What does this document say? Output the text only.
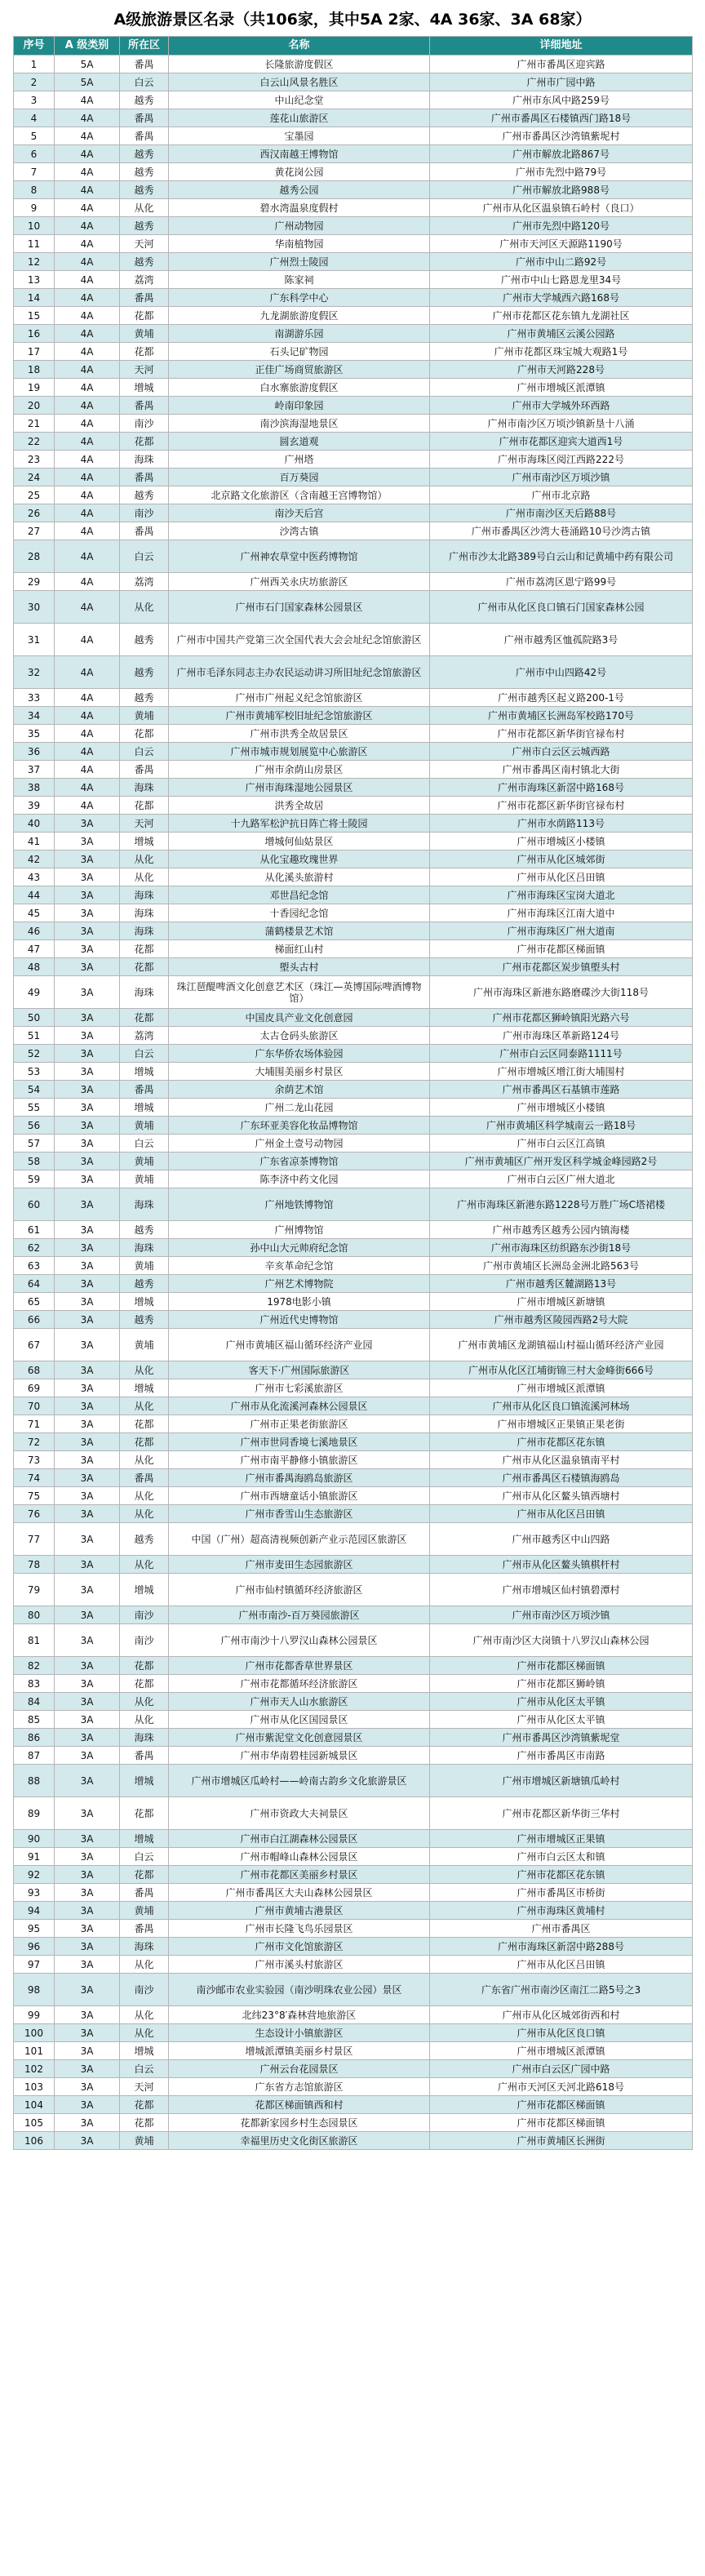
A级旅游景区名录（共106家，其中5A 2家、4A 36家、3A 68家）
序号	A 级类别	所在区	名称	详细地址
1	5A	番禺	长隆旅游度假区	广州市番禺区迎宾路
2	5A	白云	白云山风景名胜区	广州市广园中路
3	4A	越秀	中山纪念堂	广州市东风中路259号
4	4A	番禺	莲花山旅游区	广州市番禺区石楼镇西门路18号
5	4A	番禺	宝墨园	广州市番禺区沙湾镇紫坭村
6	4A	越秀	西汉南越王博物馆	广州市解放北路867号
7	4A	越秀	黄花岗公园	广州市先烈中路79号
8	4A	越秀	越秀公园	广州市解放北路988号
9	4A	从化	碧水湾温泉度假村	广州市从化区温泉镇石岭村（良口）
10	4A	越秀	广州动物园	广州市先烈中路120号
11	4A	天河	华南植物园	广州市天河区天源路1190号
12	4A	越秀	广州烈士陵园	广州市中山二路92号
13	4A	荔湾	陈家祠	广州市中山七路恩龙里34号
14	4A	番禺	广东科学中心	广州市大学城西六路168号
15	4A	花都	九龙湖旅游度假区	广州市花都区花东镇九龙湖社区
16	4A	黄埔	南湖游乐园	广州市黄埔区云溪公园路
17	4A	花都	石头记矿物园	广州市花都区珠宝城大观路1号
18	4A	天河	正佳广场商贸旅游区	广州市天河路228号
19	4A	增城	白水寨旅游度假区	广州市增城区派潭镇
20	4A	番禺	岭南印象园	广州市大学城外环西路
21	4A	南沙	南沙滨海湿地景区	广州市南沙区万顷沙镇新垦十八涌
22	4A	花都	圆玄道观	广州市花都区迎宾大道西1号
23	4A	海珠	广州塔	广州市海珠区阅江西路222号
24	4A	番禺	百万葵园	广州市南沙区万顷沙镇
25	4A	越秀	北京路文化旅游区（含南越王宫博物馆）	广州市北京路
26	4A	南沙	南沙天后宫	广州市南沙区天后路88号
27	4A	番禺	沙湾古镇	广州市番禺区沙湾大巷涌路10号沙湾古镇
28	4A	白云	广州神农草堂中医药博物馆	广州市沙太北路389号白云山和记黄埔中药有限公司
29	4A	荔湾	广州西关永庆坊旅游区	广州市荔湾区恩宁路99号
30	4A	从化	广州市石门国家森林公园景区	广州市从化区良口镇石门国家森林公园
31	4A	越秀	广州市中国共产党第三次全国代表大会会址纪念馆旅游区	广州市越秀区恤孤院路3号
32	4A	越秀	广州市毛泽东同志主办农民运动讲习所旧址纪念馆旅游区	广州市中山四路42号
33	4A	越秀	广州市广州起义纪念馆旅游区	广州市越秀区起义路200-1号
34	4A	黄埔	广州市黄埔军校旧址纪念馆旅游区	广州市黄埔区长洲岛军校路170号
35	4A	花都	广州市洪秀全故居景区	广州市花都区新华街官禄布村
36	4A	白云	广州市城市规划展览中心旅游区	广州市白云区云城西路
37	4A	番禺	广州市余荫山房景区	广州市番禺区南村镇北大街
38	4A	海珠	广州市海珠湿地公园景区	广州市海珠区新滘中路168号
39	4A	花都	洪秀全故居	广州市花都区新华街官禄布村
40	3A	天河	十九路军松沪抗日阵亡将士陵园	广州市水荫路113号
41	3A	增城	增城何仙姑景区	广州市增城区小楼镇
42	3A	从化	从化宝趣玫瑰世界	广州市从化区城郊街
43	3A	从化	从化溪头旅游村	广州市从化区吕田镇
44	3A	海珠	邓世昌纪念馆	广州市海珠区宝岗大道北
45	3A	海珠	十香园纪念馆	广州市海珠区江南大道中
46	3A	海珠	蒲鹤楼景艺术馆	广州市海珠区广州大道南
47	3A	花都	梯面红山村	广州市花都区梯面镇
48	3A	花都	塱头古村	广州市花都区炭步镇塱头村
49	3A	海珠	珠江琶醍啤酒文化创意艺术区（珠江—英博国际啤酒博物馆）	广州市海珠区新港东路磨碟沙大街118号
50	3A	花都	中国皮具产业文化创意园	广州市花都区狮岭镇阳光路六号
51	3A	荔湾	太古仓码头旅游区	广州市海珠区革新路124号
52	3A	白云	广东华侨农场体验园	广州市白云区同泰路1111号
53	3A	增城	大埔围美丽乡村景区	广州市增城区增江街大埔围村
54	3A	番禺	余荫艺术馆	广州市番禺区石基镇市莲路
55	3A	增城	广州二龙山花园	广州市增城区小楼镇
56	3A	黄埔	广东环亚美容化妆品博物馆	广州市黄埔区科学城南云一路18号
57	3A	白云	广州金土壹号动物园	广州市白云区江高镇
58	3A	黄埔	广东省凉茶博物馆	广州市黄埔区广州开发区科学城金峰园路2号
59	3A	黄埔	陈李济中药文化园	广州市白云区广州大道北
60	3A	海珠	广州地铁博物馆	广州市海珠区新港东路1228号万胜广场C塔裙楼
61	3A	越秀	广州博物馆	广州市越秀区越秀公园内镇海楼
62	3A	海珠	孙中山大元帅府纪念馆	广州市海珠区纺织路东沙街18号
63	3A	黄埔	辛亥革命纪念馆	广州市黄埔区长洲岛金洲北路563号
64	3A	越秀	广州艺术博物院	广州市越秀区麓湖路13号
65	3A	增城	1978电影小镇	广州市增城区新塘镇
66	3A	越秀	广州近代史博物馆	广州市越秀区陵园西路2号大院
67	3A	黄埔	广州市黄埔区福山循环经济产业园	广州市黄埔区龙湖镇福山村福山循环经济产业园
68	3A	从化	客天下·广州国际旅游区	广州市从化区江埔街锦三村大金峰街666号
69	3A	增城	广州市七彩溪旅游区	广州市增城区派潭镇
70	3A	从化	广州市从化流溪河森林公园景区	广州市从化区良口镇流溪河林场
71	3A	花都	广州市正果老街旅游区	广州市增城区正果镇正果老街
72	3A	花都	广州市世同香境七溪地景区	广州市花都区花东镇
73	3A	从化	广州市南平静修小镇旅游区	广州市从化区温泉镇南平村
74	3A	番禺	广州市番禺海鸥岛旅游区	广州市番禺区石楼镇海鸥岛
75	3A	从化	广州市西塘童话小镇旅游区	广州市从化区鳌头镇西塘村
76	3A	从化	广州市香雪山生态旅游区	广州市从化区吕田镇
77	3A	越秀	中国（广州）超高清视频创新产业示范园区旅游区	广州市越秀区中山四路
78	3A	从化	广州市麦田生态园旅游区	广州市从化区鳌头镇棋杆村
79	3A	增城	广州市仙村镇循环经济旅游区	广州市增城区仙村镇碧潭村
80	3A	南沙	广州市南沙-百万葵园旅游区	广州市南沙区万顷沙镇
81	3A	南沙	广州市南沙十八罗汉山森林公园景区	广州市南沙区大岗镇十八罗汉山森林公园
82	3A	花都	广州市花都香草世界景区	广州市花都区梯面镇
83	3A	花都	广州市花都循环经济旅游区	广州市花都区狮岭镇
84	3A	从化	广州市天人山水旅游区	广州市从化区太平镇
85	3A	从化	广州市从化区国园景区	广州市从化区太平镇
86	3A	海珠	广州市紫泥堂文化创意园景区	广州市番禺区沙湾镇紫坭堂
87	3A	番禺	广州市华南碧桂园新城景区	广州市番禺区市南路
88	3A	增城	广州市增城区瓜岭村——岭南古韵乡文化旅游景区	广州市增城区新塘镇瓜岭村
89	3A	花都	广州市资政大夫祠景区	广州市花都区新华街三华村
90	3A	增城	广州市白江湖森林公园景区	广州市增城区正果镇
91	3A	白云	广州市帽峰山森林公园景区	广州市白云区太和镇
92	3A	花都	广州市花都区美丽乡村景区	广州市花都区花东镇
93	3A	番禺	广州市番禺区大夫山森林公园景区	广州市番禺区市桥街
94	3A	黄埔	广州市黄埔古港景区	广州市海珠区黄埔村
95	3A	番禺	广州市长隆飞鸟乐园景区	广州市番禺区
96	3A	海珠	广州市文化馆旅游区	广州市海珠区新滘中路288号
97	3A	从化	广州市溪头村旅游区	广州市从化区吕田镇
98	3A	南沙	南沙邮市农业实验园（南沙明珠农业公园）景区	广东省广州市南沙区南江二路5号之3
99	3A	从化	北纬23°8′森林营地旅游区	广州市从化区城郊街西和村
100	3A	从化	生态设计小镇旅游区	广州市从化区良口镇
101	3A	增城	增城派潭镇美丽乡村景区	广州市增城区派潭镇
102	3A	白云	广州云台花园景区	广州市白云区广园中路
103	3A	天河	广东省方志馆旅游区	广州市天河区天河北路618号
104	3A	花都	花都区梯面镇西和村	广州市花都区梯面镇
105	3A	花都	花都新家园乡村生态园景区	广州市花都区梯面镇
106	3A	黄埔	幸福里历史文化街区旅游区	广州市黄埔区长洲街
